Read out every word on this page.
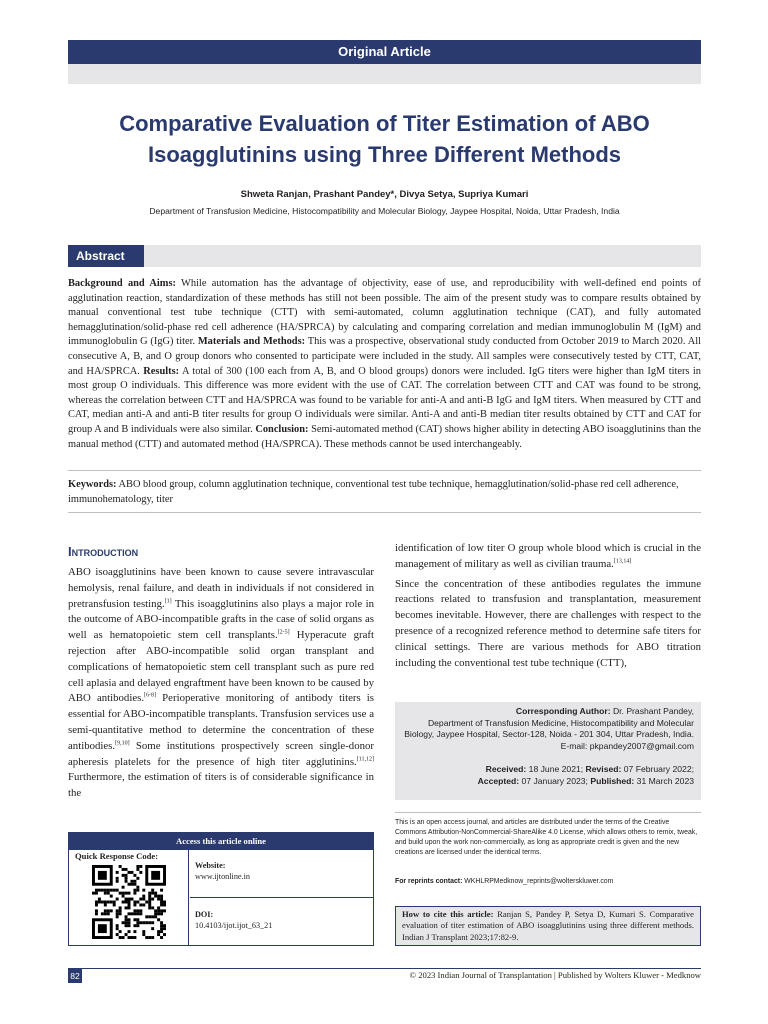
Original Article
Comparative Evaluation of Titer Estimation of ABO Isoagglutinins using Three Different Methods
Shweta Ranjan, Prashant Pandey*, Divya Setya, Supriya Kumari
Department of Transfusion Medicine, Histocompatibility and Molecular Biology, Jaypee Hospital, Noida, Uttar Pradesh, India
Abstract
Background and Aims: While automation has the advantage of objectivity, ease of use, and reproducibility with well-defined end points of agglutination reaction, standardization of these methods has still not been possible. The aim of the present study was to compare results obtained by manual conventional test tube technique (CTT) with semi-automated, column agglutination technique (CAT), and fully automated hemagglutination/solid-phase red cell adherence (HA/SPRCA) by calculating and comparing correlation and median immunoglobulin M (IgM) and immunoglobulin G (IgG) titer. Materials and Methods: This was a prospective, observational study conducted from October 2019 to March 2020. All consecutive A, B, and O group donors who consented to participate were included in the study. All samples were consecutively tested by CTT, CAT, and HA/SPRCA. Results: A total of 300 (100 each from A, B, and O blood groups) donors were included. IgG titers were higher than IgM titers in most group O individuals. This difference was more evident with the use of CAT. The correlation between CTT and CAT was found to be strong, whereas the correlation between CTT and HA/SPRCA was found to be variable for anti-A and anti-B IgG and IgM titers. When measured by CTT and CAT, median anti-A and anti-B titer results for group O individuals were similar. Anti-A and anti-B median titer results obtained by CTT and CAT for group A and B individuals were also similar. Conclusion: Semi-automated method (CAT) shows higher ability in detecting ABO isoagglutinins than the manual method (CTT) and automated method (HA/SPRCA). These methods cannot be used interchangeably.
Keywords: ABO blood group, column agglutination technique, conventional test tube technique, hemagglutination/solid-phase red cell adherence, immunohematology, titer
Introduction

ABO isoagglutinins have been known to cause severe intravascular hemolysis, renal failure, and death in individuals if not considered in pretransfusion testing.[1] This isoagglutinins also plays a major role in the outcome of ABO-incompatible grafts in the case of solid organs as well as hematopoietic stem cell transplants.[2-5] Hyperacute graft rejection after ABO-incompatible solid organ transplant and complications of hematopoietic stem cell transplant such as pure red cell aplasia and delayed engraftment have been known to be caused by ABO antibodies.[6-8] Perioperative monitoring of antibody titers is essential for ABO-incompatible transplants. Transfusion services use a semi-quantitative method to determine the concentration of these antibodies.[9,10] Some institutions prospectively screen single-donor apheresis platelets for the presence of high titer agglutinins.[11,12] Furthermore, the estimation of titers is of considerable significance in the

identification of low titer O group whole blood which is crucial in the management of military as well as civilian trauma.[13,14]

Since the concentration of these antibodies regulates the immune reactions related to transfusion and transplantation, measurement becomes inevitable. However, there are challenges with respect to the presence of a recognized reference method to determine safe titers for clinical settings. There are various methods for ABO titration including the conventional test tube technique (CTT),

Corresponding Author: Dr. Prashant Pandey,
Department of Transfusion Medicine, Histocompatibility and Molecular
Biology, Jaypee Hospital, Sector-128, Noida - 201 304, Uttar Pradesh, India.
E-mail: pkpandey2007@gmail.com
Received: 18 June 2021; Revised: 07 February 2022;
Accepted: 07 January 2023; Published: 31 March 2023
This is an open access journal, and articles are distributed under the terms of the Creative Commons Attribution-NonCommercial-ShareAlike 4.0 License, which allows others to remix, tweak, and build upon the work non-commercially, as long as appropriate credit is given and the new creations are licensed under the identical terms.
For reprints contact: WKHLRPMedknow_reprints@wolterskluwer.com
How to cite this article: Ranjan S, Pandey P, Setya D, Kumari S. Comparative evaluation of titer estimation of ABO isoagglutinins using three different methods. Indian J Transplant 2023;17:82-9.
Access this article online
Quick Response Code:
Website:
www.ijtonline.in
DOI:
10.4103/ijot.ijot_63_21
82	© 2023 Indian Journal of Transplantation | Published by Wolters Kluwer - Medknow
